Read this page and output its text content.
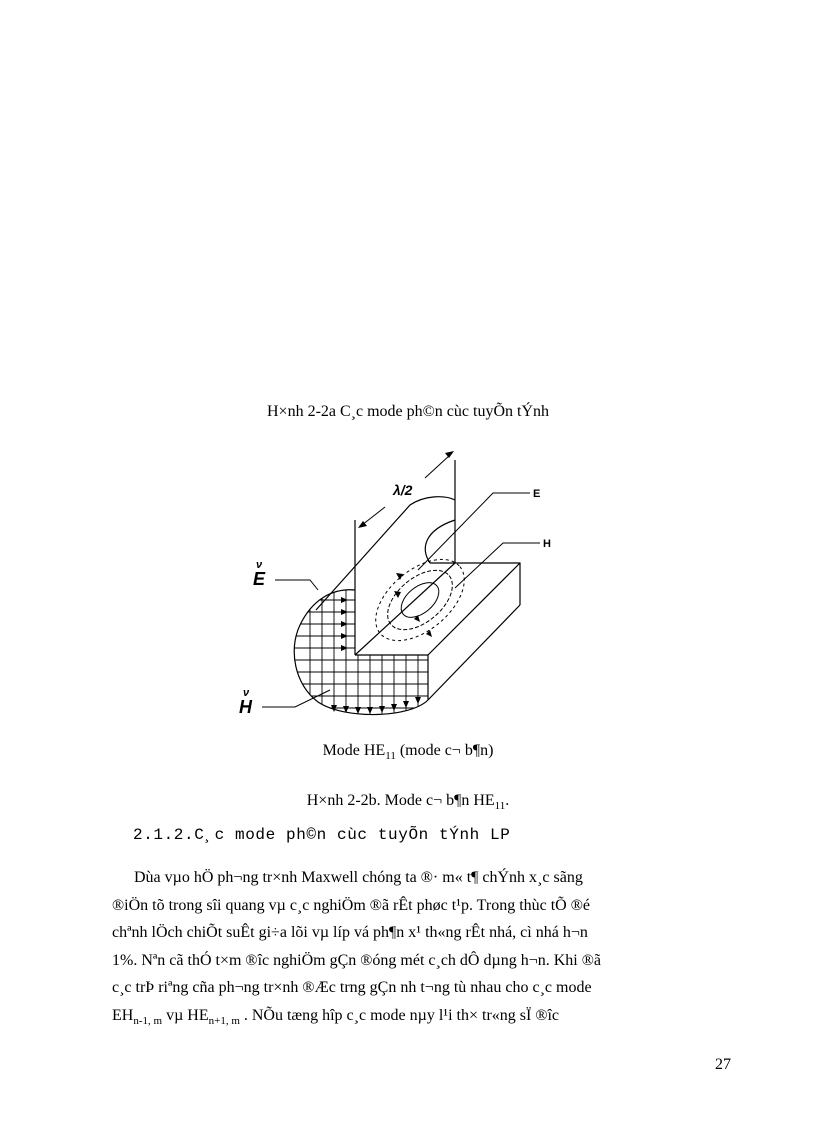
H×nh 2-2a C¸c mode ph©n cùc tuyÕn tÝnh
λ/2	E
H
ν
E
ν
H
Mode $HE_{11}$ (mode c¬ b¶n)
H×nh 2-2b. Mode c¬ b¶n $HE_{11}$.
2.1.2.C¸c mode ph©n cùc tuyÕn tÝnh LP
Dùa vµo hÖ ph¬ng tr×nh Maxwell chóng ta ®· m« t¶ chÝnh x¸c sãng
®iÖn tõ trong sîi quang vµ c¸c nghiÖm ®ã rÊt phøc t¹p. Trong thùc tÕ ®é
chªnh lÖch chiÕt suÊt gi÷a lõi vµ líp vá ph¶n x¹ th«ng rÊt nhá, cì nhá h¬n
1%. Nªn cã thÓ t×m ®îc nghiÖm gÇn ®óng mét c¸ch dÔ dµng h¬n. Khi ®ã
c¸c trÞ riªng cña ph¬ng tr×nh ®Æc trng gÇn nh t¬ng tù nhau cho c¸c mode
$EH_{n-1, m}$ vµ $HE_{n+1, m}$ . NÕu tæng hîp c¸c mode nµy l¹i th× tr«ng sÏ ®îc
27
